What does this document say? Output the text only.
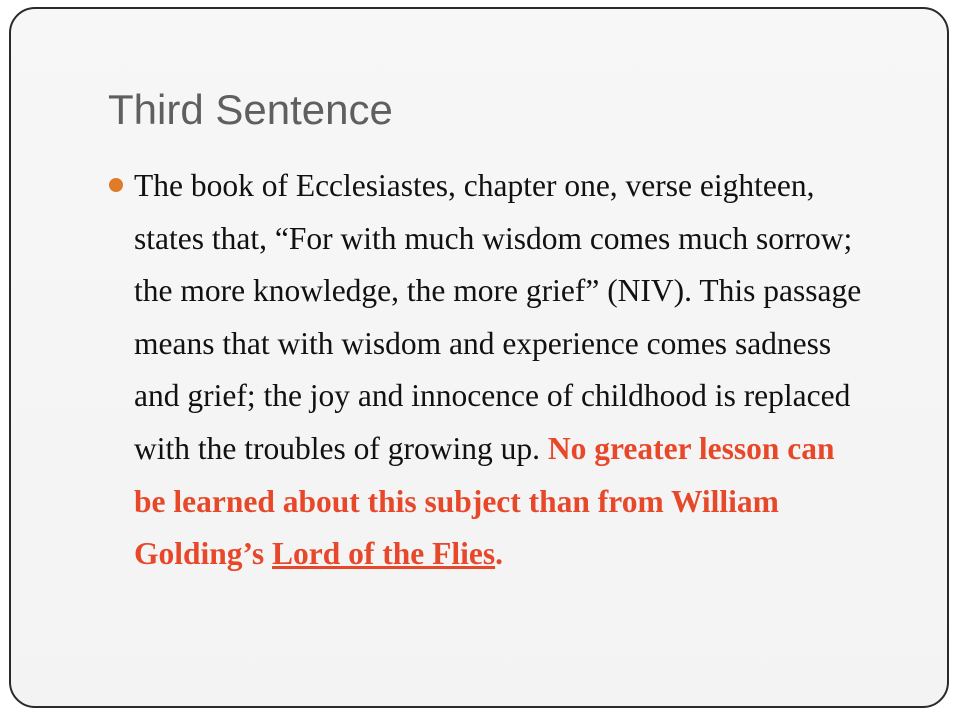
Third Sentence
The book of Ecclesiastes, chapter one, verse eighteen, states that, “For with much wisdom comes much sorrow; the more knowledge, the more grief” (NIV). This passage means that with wisdom and experience comes sadness and grief; the joy and innocence of childhood is replaced with the troubles of growing up. No greater lesson can be learned about this subject than from William Golding’s Lord of the Flies.
